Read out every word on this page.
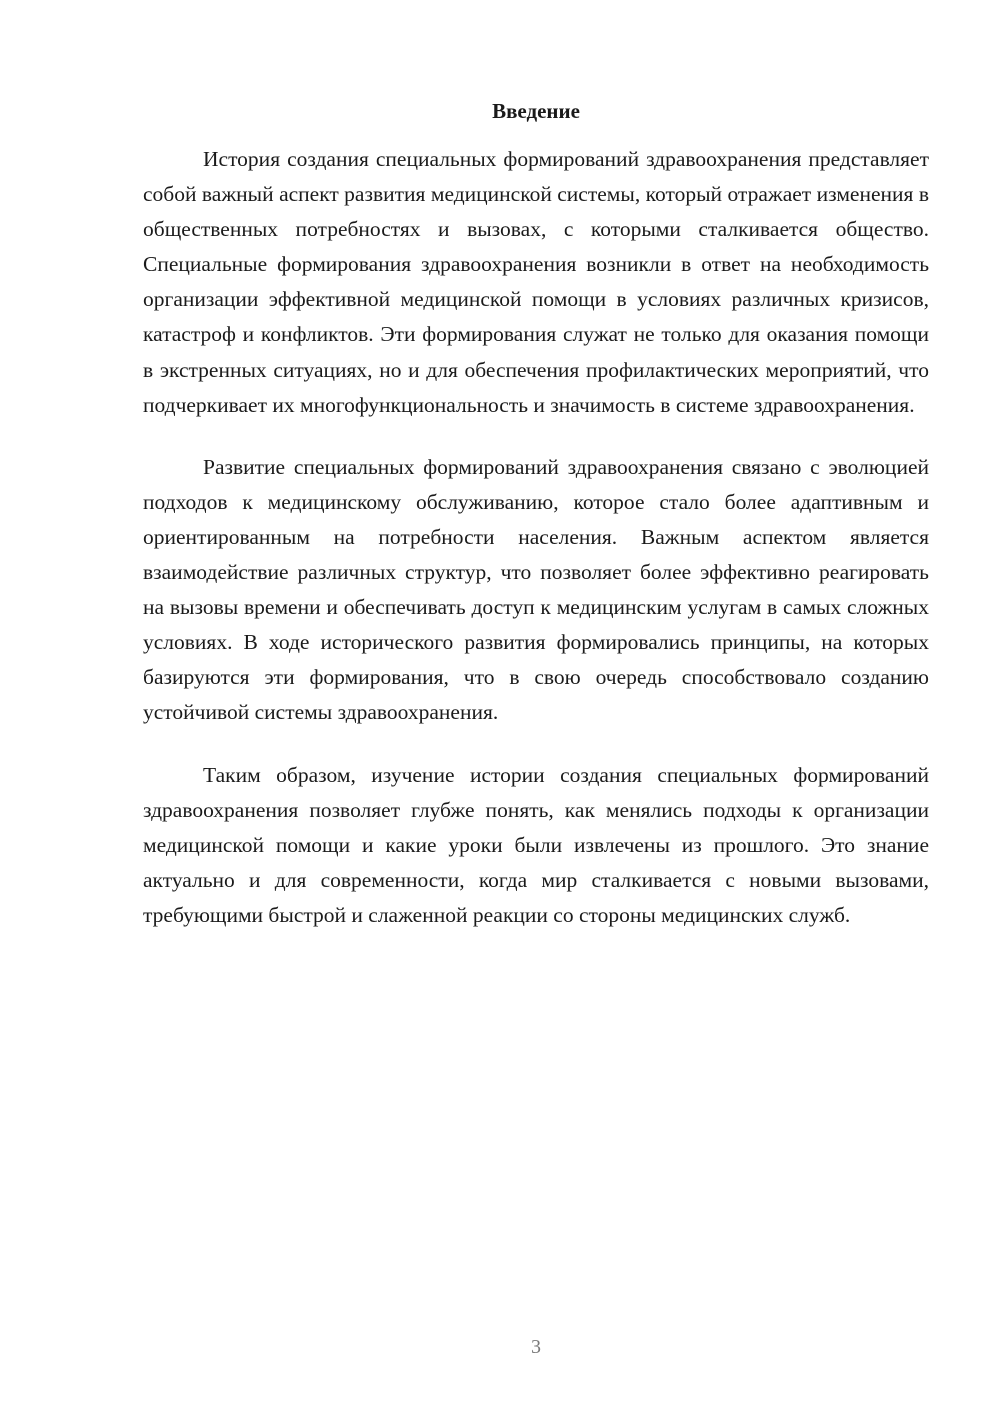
Введение

История создания специальных формирований здравоохранения представляет собой важный аспект развития медицинской системы, который отражает изменения в общественных потребностях и вызовах, с которыми сталкивается общество. Специальные формирования здравоохранения возникли в ответ на необходимость организации эффективной медицинской помощи в условиях различных кризисов, катастроф и конфликтов. Эти формирования служат не только для оказания помощи в экстренных ситуациях, но и для обеспечения профилактических мероприятий, что подчеркивает их многофункциональность и значимость в системе здравоохранения.

Развитие специальных формирований здравоохранения связано с эволюцией подходов к медицинскому обслуживанию, которое стало более адаптивным и ориентированным на потребности населения. Важным аспектом является взаимодействие различных структур, что позволяет более эффективно реагировать на вызовы времени и обеспечивать доступ к медицинским услугам в самых сложных условиях. В ходе исторического развития формировались принципы, на которых базируются эти формирования, что в свою очередь способствовало созданию устойчивой системы здравоохранения.

Таким образом, изучение истории создания специальных формирований здравоохранения позволяет глубже понять, как менялись подходы к организации медицинской помощи и какие уроки были извлечены из прошлого. Это знание актуально и для современности, когда мир сталкивается с новыми вызовами, требующими быстрой и слаженной реакции со стороны медицинских служб.

3
